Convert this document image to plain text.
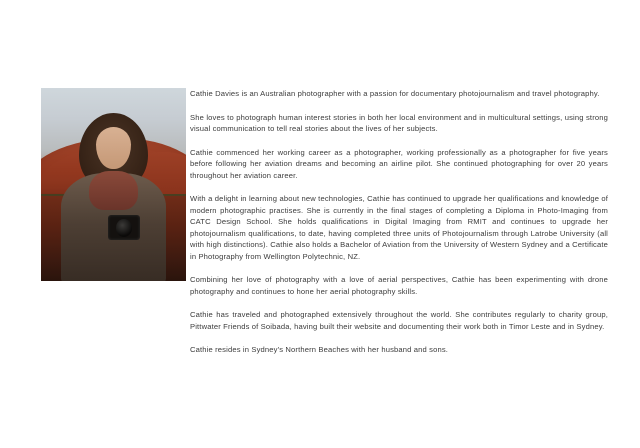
Cathie Davies is an Australian photographer with a passion for documentary photojournalism and travel photography.

She loves to photograph human interest stories in both her local environment and in multicultural settings, using strong visual communication to tell real stories about the lives of her subjects.

Cathie commenced her working career as a photographer, working professionally as a photographer for five years before following her aviation dreams and becoming an airline pilot. She continued photographing for over 20 years throughout her aviation career.

With a delight in learning about new technologies, Cathie has continued to upgrade her qualifications and knowledge of modern photographic practises. She is currently in the final stages of completing a Diploma in Photo-Imaging from CATC Design School. She holds qualifications in Digital Imaging from RMIT and continues to upgrade her photojournalism qualifications, to date, having completed three units of Photojournalism through Latrobe University (all with high distinctions). Cathie also holds a Bachelor of Aviation from the University of Western Sydney and a Certificate in Photography from Wellington Polytechnic, NZ.

Combining her love of photography with a love of aerial perspectives, Cathie has been experimenting with drone photography and continues to hone her aerial photography skills.

Cathie has traveled and photographed extensively throughout the world. She contributes regularly to charity group, Pittwater Friends of Soibada, having built their website and documenting their work both in Timor Leste and in Sydney.

Cathie resides in Sydney's Northern Beaches with her husband and sons.
